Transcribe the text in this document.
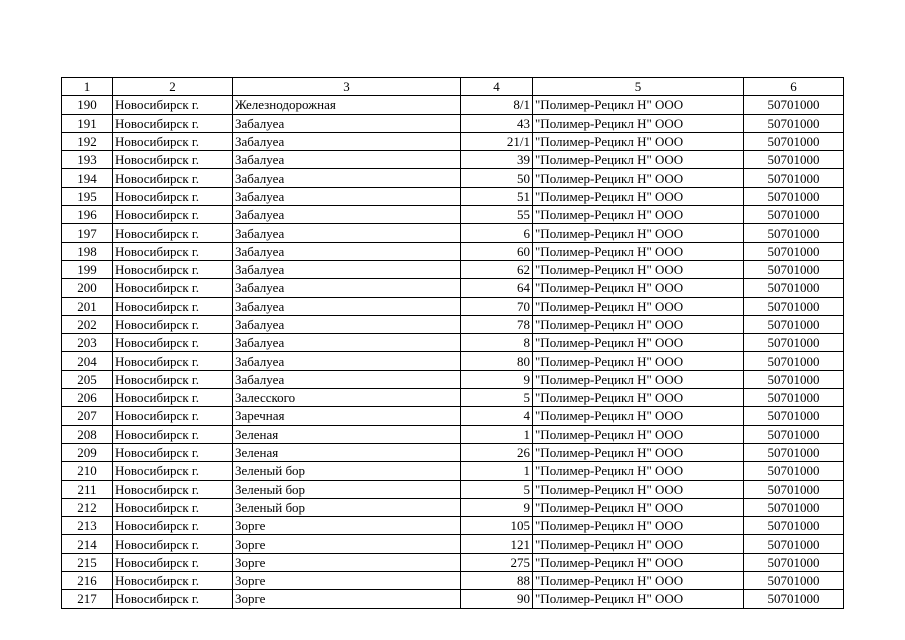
1	2	3	4	5	6
190	Новосибирск г.	Железнодорожная	8/1	"Полимер-Рецикл Н" ООО	50701000
191	Новосибирск г.	Забалуеа	43	"Полимер-Рецикл Н" ООО	50701000
192	Новосибирск г.	Забалуеа	21/1	"Полимер-Рецикл Н" ООО	50701000
193	Новосибирск г.	Забалуеа	39	"Полимер-Рецикл Н" ООО	50701000
194	Новосибирск г.	Забалуеа	50	"Полимер-Рецикл Н" ООО	50701000
195	Новосибирск г.	Забалуеа	51	"Полимер-Рецикл Н" ООО	50701000
196	Новосибирск г.	Забалуеа	55	"Полимер-Рецикл Н" ООО	50701000
197	Новосибирск г.	Забалуеа	6	"Полимер-Рецикл Н" ООО	50701000
198	Новосибирск г.	Забалуеа	60	"Полимер-Рецикл Н" ООО	50701000
199	Новосибирск г.	Забалуеа	62	"Полимер-Рецикл Н" ООО	50701000
200	Новосибирск г.	Забалуеа	64	"Полимер-Рецикл Н" ООО	50701000
201	Новосибирск г.	Забалуеа	70	"Полимер-Рецикл Н" ООО	50701000
202	Новосибирск г.	Забалуеа	78	"Полимер-Рецикл Н" ООО	50701000
203	Новосибирск г.	Забалуеа	8	"Полимер-Рецикл Н" ООО	50701000
204	Новосибирск г.	Забалуеа	80	"Полимер-Рецикл Н" ООО	50701000
205	Новосибирск г.	Забалуеа	9	"Полимер-Рецикл Н" ООО	50701000
206	Новосибирск г.	Залесского	5	"Полимер-Рецикл Н" ООО	50701000
207	Новосибирск г.	Заречная	4	"Полимер-Рецикл Н" ООО	50701000
208	Новосибирск г.	Зеленая	1	"Полимер-Рецикл Н" ООО	50701000
209	Новосибирск г.	Зеленая	26	"Полимер-Рецикл Н" ООО	50701000
210	Новосибирск г.	Зеленый бор	1	"Полимер-Рецикл Н" ООО	50701000
211	Новосибирск г.	Зеленый бор	5	"Полимер-Рецикл Н" ООО	50701000
212	Новосибирск г.	Зеленый бор	9	"Полимер-Рецикл Н" ООО	50701000
213	Новосибирск г.	Зорге	105	"Полимер-Рецикл Н" ООО	50701000
214	Новосибирск г.	Зорге	121	"Полимер-Рецикл Н" ООО	50701000
215	Новосибирск г.	Зорге	275	"Полимер-Рецикл Н" ООО	50701000
216	Новосибирск г.	Зорге	88	"Полимер-Рецикл Н" ООО	50701000
217	Новосибирск г.	Зорге	90	"Полимер-Рецикл Н" ООО	50701000
